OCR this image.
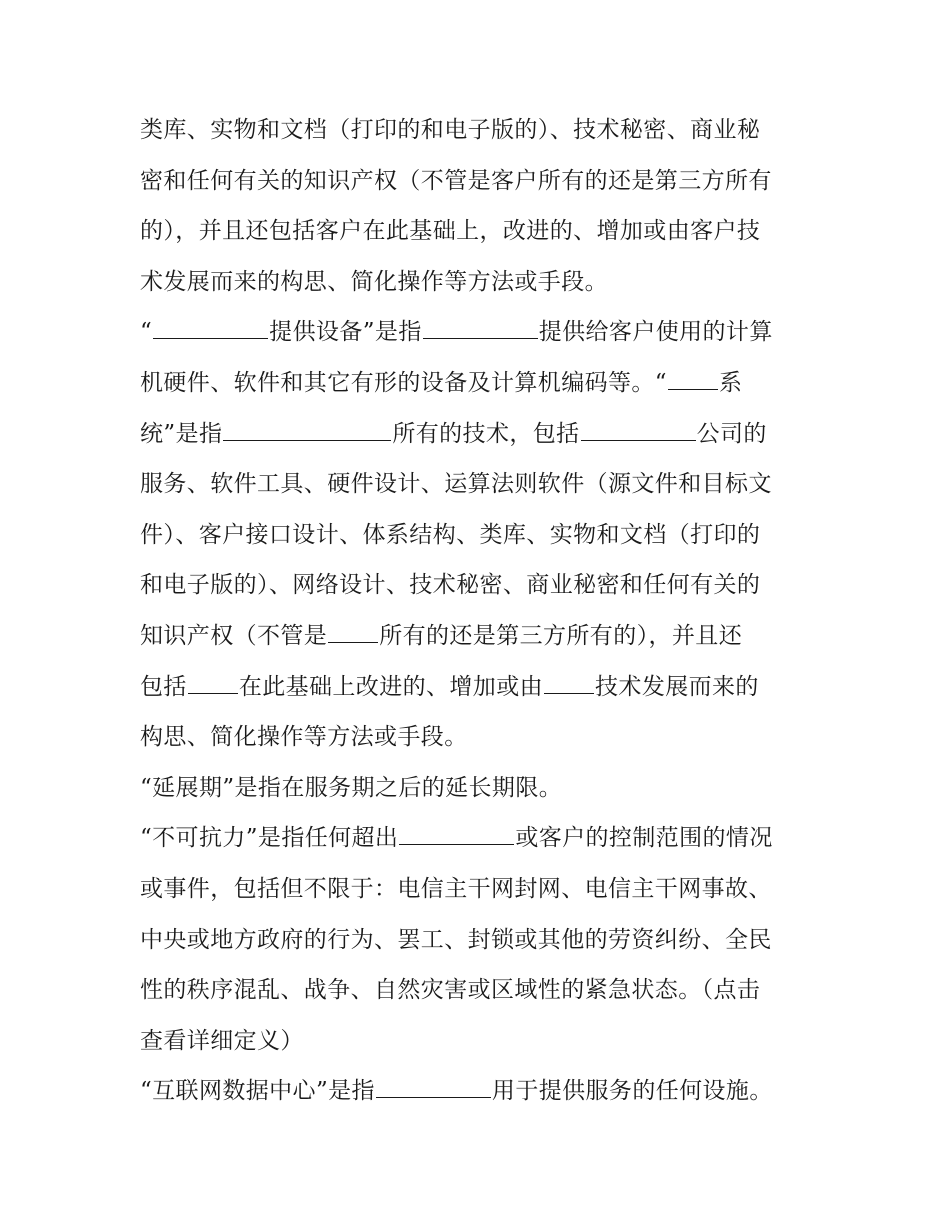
类库、实物和文档（打印的和电子版的）、技术秘密、商业秘
密和任何有关的知识产权（不管是客户所有的还是第三方所有
的），并且还包括客户在此基础上，改进的、增加或由客户技
术发展而来的构思、简化操作等方法或手段。
“	提供设备”是指	提供给客户使用的计算
机硬件、软件和其它有形的设备及计算机编码等。“ 系
统”是指	所有的技术，包括	公司的
服务、软件工具、硬件设计、运算法则软件（源文件和目标文
件）、客户接口设计、体系结构、类库、实物和文档（打印的
和电子版的）、网络设计、技术秘密、商业秘密和任何有关的
知识产权（不管是 所有的还是第三方所有的），并且还
包括 在此基础上改进的、增加或由 技术发展而来的
构思、简化操作等方法或手段。
“延展期”是指在服务期之后的延长期限。
“不可抗力”是指任何超出	或客户的控制范围的情况
或事件，包括但不限于：电信主干网封网、电信主干网事故、
中央或地方政府的行为、罢工、封锁或其他的劳资纠纷、全民
性的秩序混乱、战争、自然灾害或区域性的紧急状态。（点击
查看详细定义）
“互联网数据中心”是指	用于提供服务的任何设施。
